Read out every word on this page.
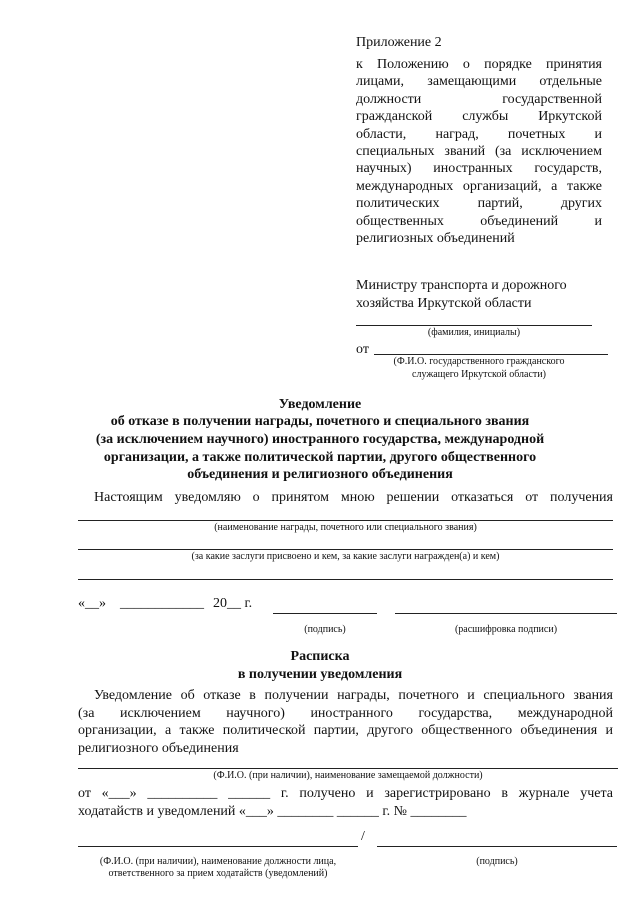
Приложение 2
к Положению о порядке принятия
лицами, замещающими отдельные
должности государственной
гражданской службы Иркутской
области, наград, почетных и
специальных званий (за исключением
научных) иностранных государств,
международных организаций, а также
политических партий, других
общественных объединений и
религиозных объединений
Министру транспорта и дорожного
хозяйства Иркутской области
(фамилия, инициалы)
от
(Ф.И.О. государственного гражданского
служащего Иркутской области)
Уведомление
об отказе в получении награды, почетного и специального звания
(за исключением научного) иностранного государства, международной
организации, а также политической партии, другого общественного
объединения и религиозного объединения
Настоящим уведомляю о принятом мною решении отказаться от получения
(наименование награды, почетного или специального звания)
(за какие заслуги присвоено и кем, за какие заслуги награжден(а) и кем)
«__» ____________ 20__ г.
(подпись)	(расшифровка подписи)
Расписка
в получении уведомления
Уведомление об отказе в получении награды, почетного и специального звания
(за исключением научного) иностранного государства, международной
организации, а также политической партии, другого общественного объединения и
религиозного объединения
(Ф.И.О. (при наличии), наименование замещаемой должности)
от «___» __________ ______ г. получено и зарегистрировано в журнале учета
ходатайств и уведомлений «___» ________ ______ г. № ________
/
(Ф.И.О. (при наличии), наименование должности лица,
ответственного за прием ходатайств (уведомлений)
(подпись)
